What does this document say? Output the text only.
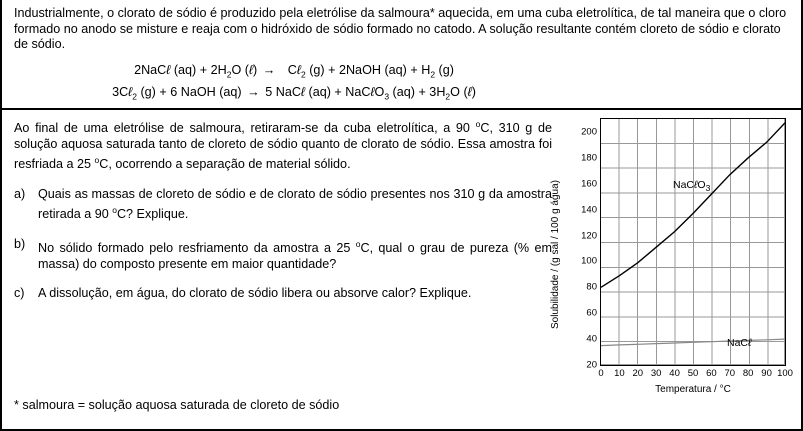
Industrialmente, o clorato de sódio é produzido pela eletrólise da salmoura* aquecida, em uma cuba eletrolítica, de tal maneira que o cloro formado no anodo se misture e reaja com o hidróxido de sódio formado no catodo. A solução resultante contém cloreto de sódio e clorato de sódio.
2NaCℓ $(aq) + 2H_2O$ (ℓ) →   Cℓ$_2$ (g) + 2NaOH $(aq) + H_2$ (g)
3Cℓ$_2$ (g) + 6 NaOH (aq) → 5 NaCℓ (aq) + NaCℓO$_3$ $(aq) + 3H_2O$ (ℓ)
Ao final de uma eletrólise de salmoura, retiraram-se da cuba eletrolítica, a 90 $^o$C, 310 g de solução aquosa saturada tanto de cloreto de sódio quanto de clorato de sódio. Essa amostra foi resfriada a 25 $^o$C, ocorrendo a separação de material sólido.
a)	Quais as massas de cloreto de sódio e de clorato de sódio presentes nos 310 g da amostra retirada a 90 $^o$C? Explique.
b)	No sólido formado pelo resfriamento da amostra a 25 $^o$C, qual o grau de pureza (% em massa) do composto presente em maior quantidade?
c)	A dissolução, em água, do clorato de sódio libera ou absorve calor? Explique.
* salmoura = solução aquosa saturada de cloreto de sódio
Solubilidade / (g sal / 100 g água)	NaCℓO$_3$
NaCℓ
20
40
60
80
100
120
140
160
180
200
0 10 20 30 40 50 60 70 80 90 100
Temperatura / °C
